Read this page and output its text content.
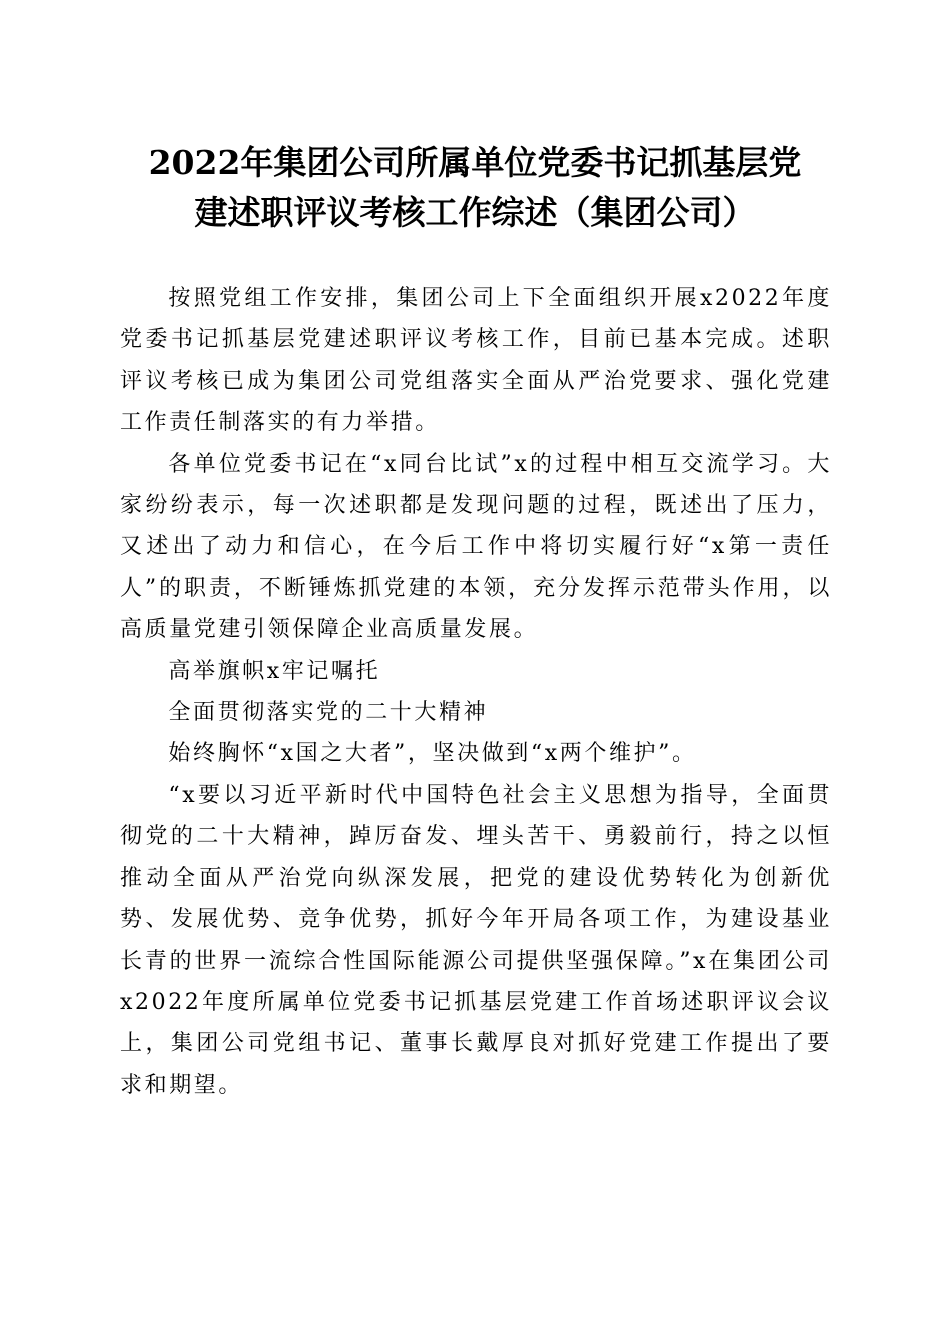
2022年集团公司所属单位党委书记抓基层党
建述职评议考核工作综述（集团公司）

按照党组工作安排，集团公司上下全面组织开展x2022年度党委书记抓基层党建述职评议考核工作，目前已基本完成。述职评议考核已成为集团公司党组落实全面从严治党要求、强化党建工作责任制落实的有力举措。

各单位党委书记在“x同台比试”x的过程中相互交流学习。大家纷纷表示，每一次述职都是发现问题的过程，既述出了压力，又述出了动力和信心，在今后工作中将切实履行好“x第一责任人”的职责，不断锤炼抓党建的本领，充分发挥示范带头作用，以高质量党建引领保障企业高质量发展。

高举旗帜x牢记嘱托

全面贯彻落实党的二十大精神

始终胸怀“x国之大者”，坚决做到“x两个维护”。

“x要以习近平新时代中国特色社会主义思想为指导，全面贯彻党的二十大精神，踔厉奋发、埋头苦干、勇毅前行，持之以恒推动全面从严治党向纵深发展，把党的建设优势转化为创新优势、发展优势、竞争优势，抓好今年开局各项工作，为建设基业长青的世界一流综合性国际能源公司提供坚强保障。”x在集团公司x2022年度所属单位党委书记抓基层党建工作首场述职评议会议上，集团公司党组书记、董事长戴厚良对抓好党建工作提出了要求和期望。
